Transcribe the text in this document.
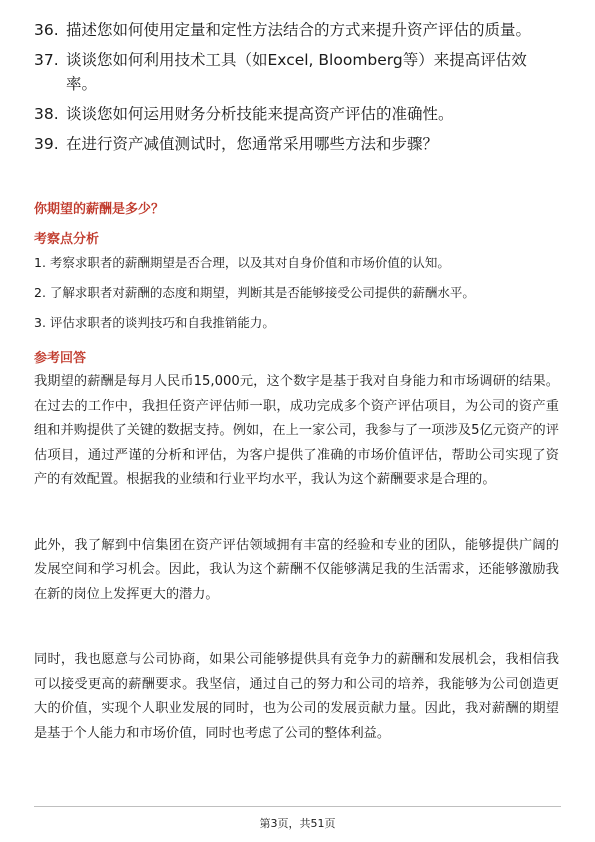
36. 描述您如何使用定量和定性方法结合的方式来提升资产评估的质量。
37. 谈谈您如何利用技术工具（如Excel, Bloomberg等）来提高评估效率。
38. 谈谈您如何运用财务分析技能来提高资产评估的准确性。
39. 在进行资产减值测试时，您通常采用哪些方法和步骤？
你期望的薪酬是多少？
考察点分析
1. 考察求职者的薪酬期望是否合理，以及其对自身价值和市场价值的认知。
2. 了解求职者对薪酬的态度和期望，判断其是否能够接受公司提供的薪酬水平。
3. 评估求职者的谈判技巧和自我推销能力。
参考回答

我期望的薪酬是每月人民币15,000元，这个数字是基于我对自身能力和市场调研的结果。在过去的工作中，我担任资产评估师一职，成功完成多个资产评估项目，为公司的资产重组和并购提供了关键的数据支持。例如，在上一家公司，我参与了一项涉及5亿元资产的评估项目，通过严谨的分析和评估，为客户提供了准确的市场价值评估，帮助公司实现了资产的有效配置。根据我的业绩和行业平均水平，我认为这个薪酬要求是合理的。

此外，我了解到中信集团在资产评估领域拥有丰富的经验和专业的团队，能够提供广阔的发展空间和学习机会。因此，我认为这个薪酬不仅能够满足我的生活需求，还能够激励我在新的岗位上发挥更大的潜力。

同时，我也愿意与公司协商，如果公司能够提供具有竞争力的薪酬和发展机会，我相信我可以接受更高的薪酬要求。我坚信，通过自己的努力和公司的培养，我能够为公司创造更大的价值，实现个人职业发展的同时，也为公司的发展贡献力量。因此，我对薪酬的期望是基于个人能力和市场价值，同时也考虑了公司的整体利益。

第3页，共51页
